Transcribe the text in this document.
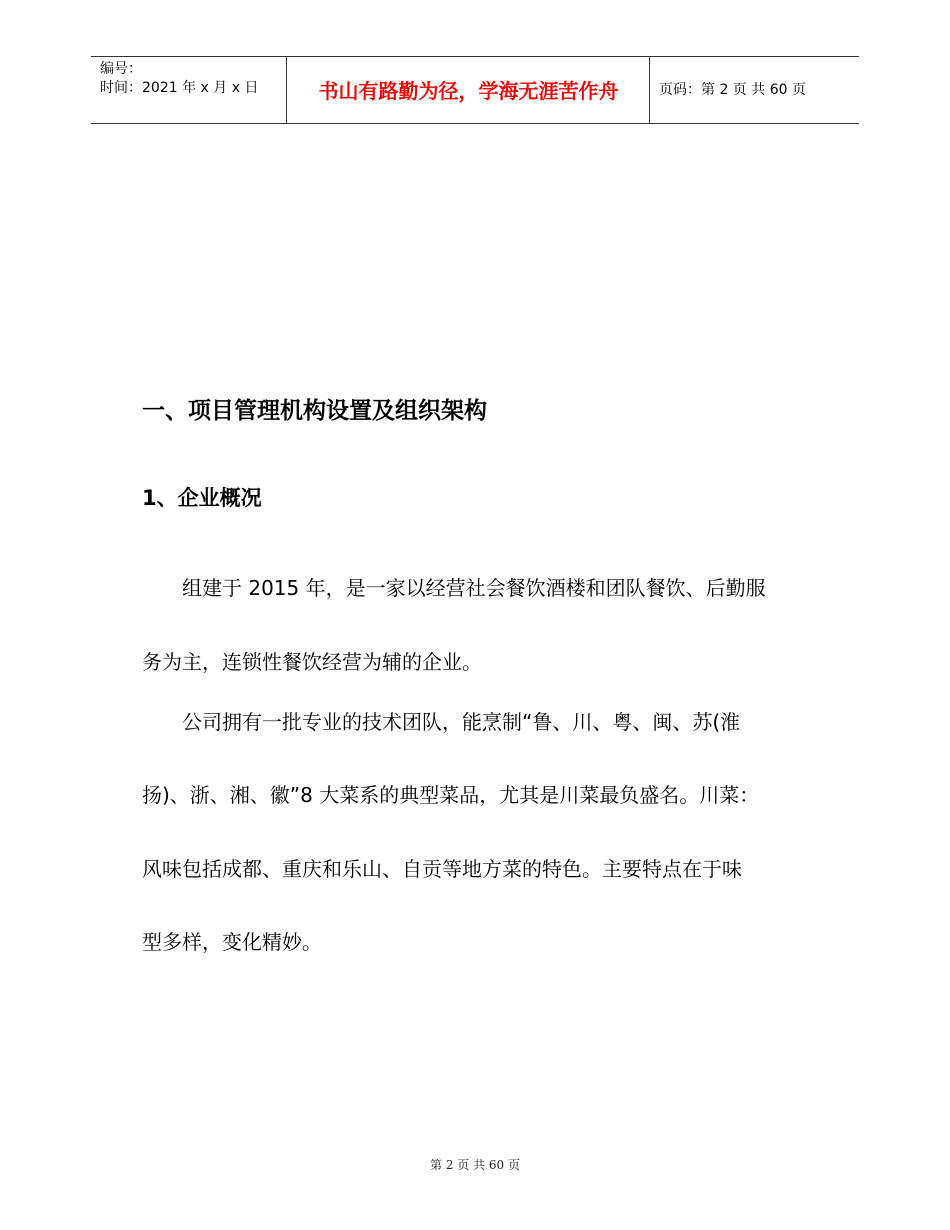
编号：
时间：2021 年 x 月 x 日	书山有路勤为径，学海无涯苦作舟	页码：第 2 页 共 60 页
一、项目管理机构设置及组织架构
1、企业概况
组建于 2015 年，是一家以经营社会餐饮酒楼和团队餐饮、后勤服
务为主，连锁性餐饮经营为辅的企业。
公司拥有一批专业的技术团队，能烹制“鲁、川、粤、闽、苏(淮
扬)、浙、湘、徽”8 大菜系的典型菜品，尤其是川菜最负盛名。川菜：
风味包括成都、重庆和乐山、自贡等地方菜的特色。主要特点在于味
型多样，变化精妙。
第 2 页 共 60 页
